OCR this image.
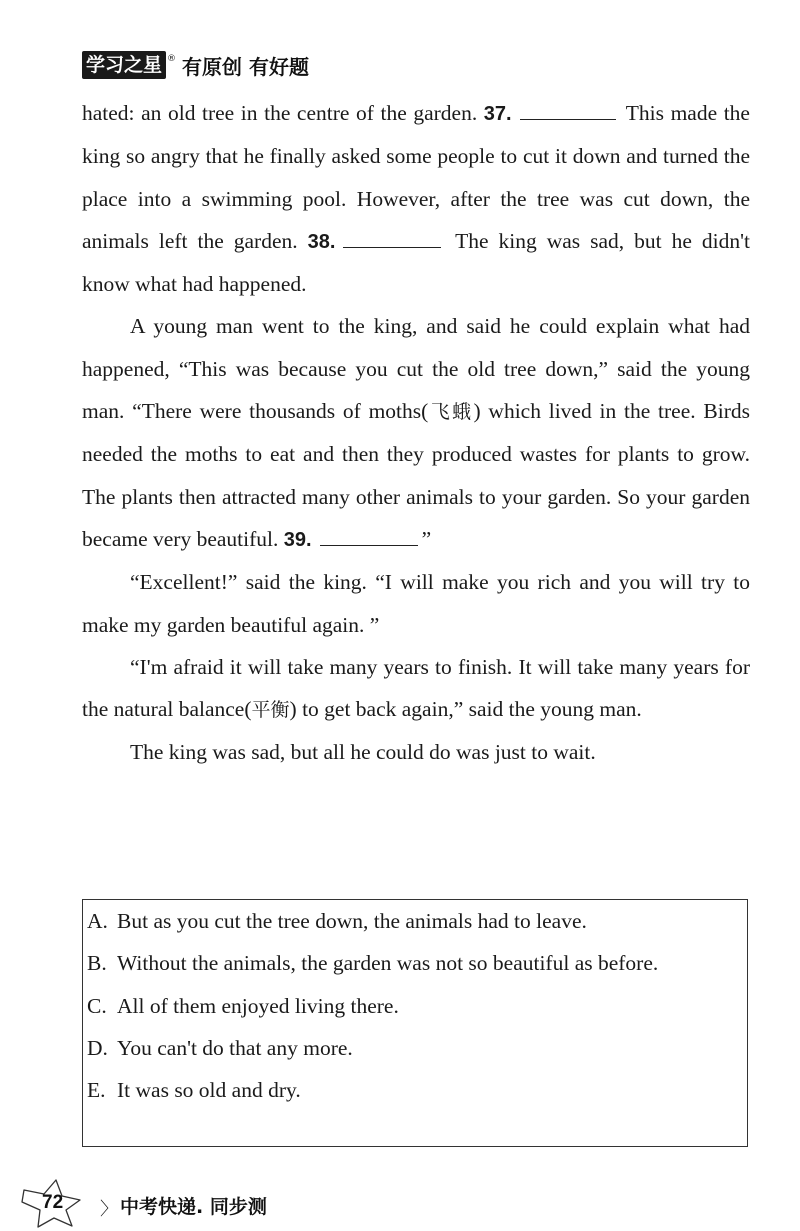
学习之星 ® 有原创 有好题

hated: an old tree in the centre of the garden. 37.	This made the king so angry that he finally asked some people to cut it down and turned the place into a swimming pool. However, after the tree was cut down, the animals left the garden. 38.	The king was sad, but he didn't know what had happened.

A young man went to the king, and said he could explain what had happened, “This was because you cut the old tree down,” said the young man. “There were thousands of moths(飞蛾) which lived in the tree. Birds needed the moths to eat and then they produced wastes for plants to grow. The plants then attracted many other animals to your garden. So your garden became very beautiful. 39.	”

“Excellent!” said the king. “I will make you rich and you will try to make my garden beautiful again. ”

“I'm afraid it will take many years to finish. It will take many years for the natural balance(平衡) to get back again,” said the young man.

The king was sad, but all he could do was just to wait.

A. But as you cut the tree down, the animals had to leave.

B. Without the animals, the garden was not so beautiful as before.

C. All of them enjoyed living there.

D. You can't do that any more.

E. It was so old and dry.

72 〉 中考快递. 同步测
